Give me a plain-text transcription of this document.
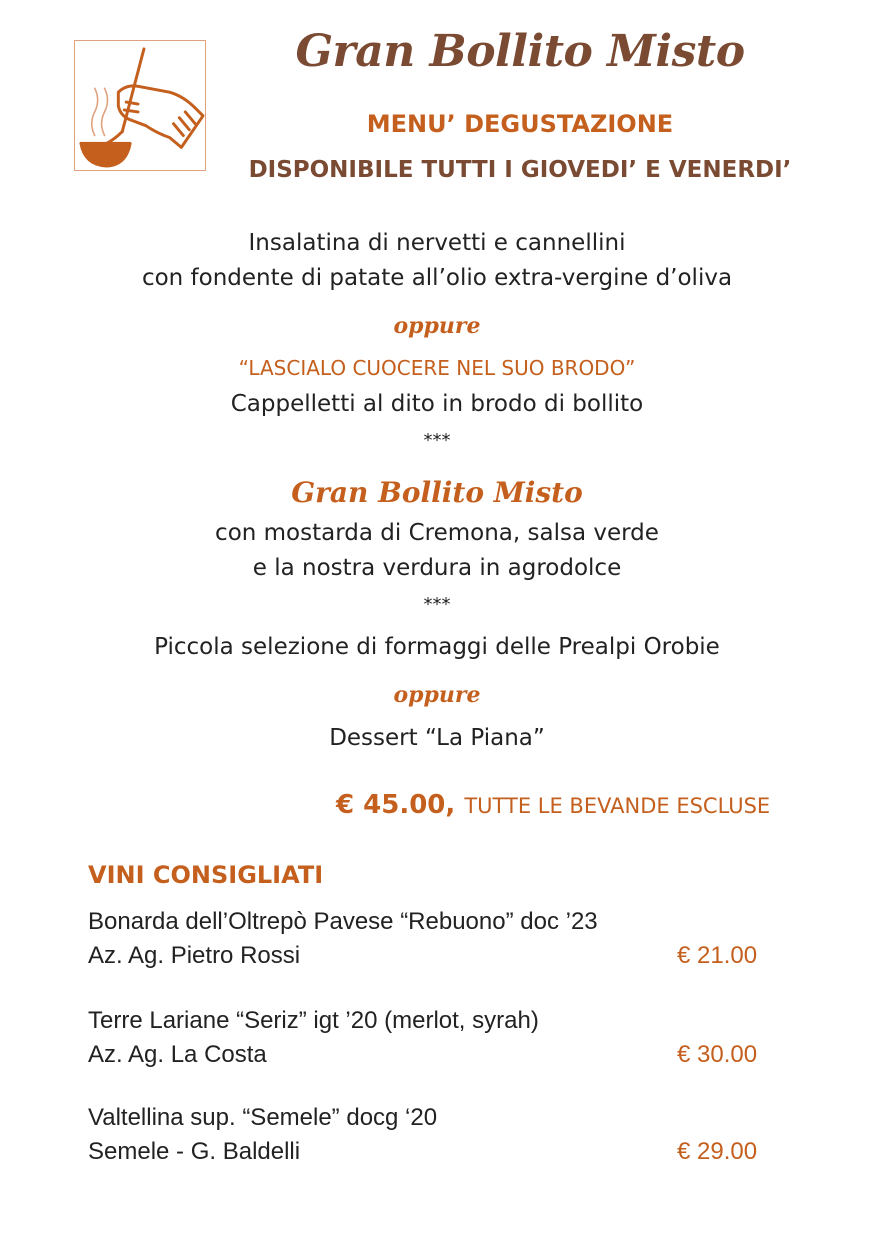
Gran Bollito Misto
MENU’ DEGUSTAZIONE
DISPONIBILE TUTTI I GIOVEDI’ E VENERDI’
Insalatina di nervetti e cannellini
con fondente di patate all’olio extra-vergine d’oliva
oppure
“LASCIALO CUOCERE NEL SUO BRODO”
Cappelletti al dito in brodo di bollito
***
Gran Bollito Misto
con mostarda di Cremona, salsa verde
e la nostra verdura in agrodolce
***
Piccola selezione di formaggi delle Prealpi Orobie
oppure
Dessert “La Piana”
€ 45.00, TUTTE LE BEVANDE ESCLUSE
VINI CONSIGLIATI
Bonarda dell’Oltrepò Pavese “Rebuono” doc ’23
Az. Ag. Pietro Rossi	€ 21.00
Terre Lariane “Seriz” igt ’20 (merlot, syrah)
Az. Ag. La Costa	€ 30.00
Valtellina sup. “Semele” docg ‘20
Semele - G. Baldelli	€ 29.00
